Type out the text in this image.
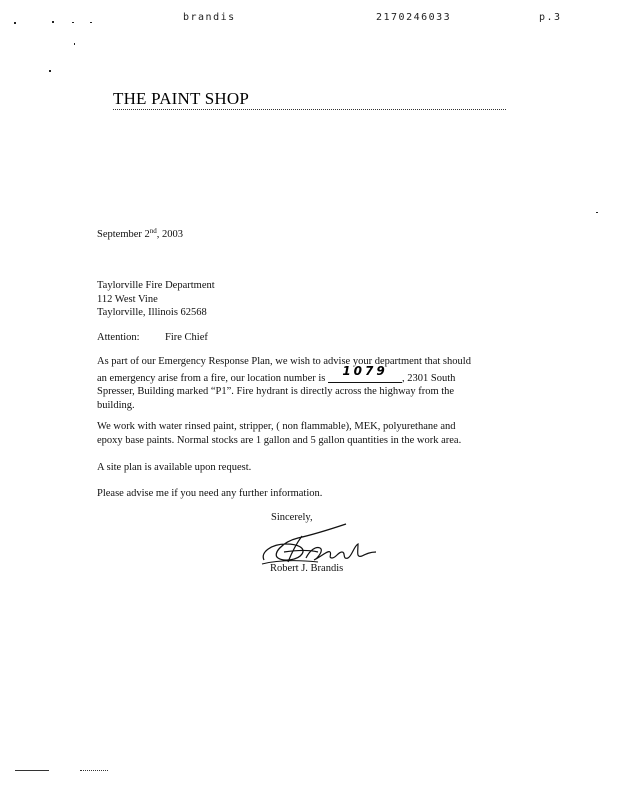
brandis	2170246033	p.3
THE PAINT SHOP
September 2nd, 2003
Taylorville Fire Department
112 West Vine
Taylorville, Illinois 62568
Attention: Fire Chief
As part of our Emergency Response Plan, we wish to advise your department that should
an emergency arise from a fire, our location number is
1079
, 2301 South
Spresser, Building marked “P1”. Fire hydrant is directly across the highway from the
building.
We work with water rinsed paint, stripper, ( non flammable), MEK, polyurethane and
epoxy base paints. Normal stocks are 1 gallon and 5 gallon quantities in the work area.
A site plan is available upon request.
Please advise me if you need any further information.
Sincerely,
Robert J. Brandis
